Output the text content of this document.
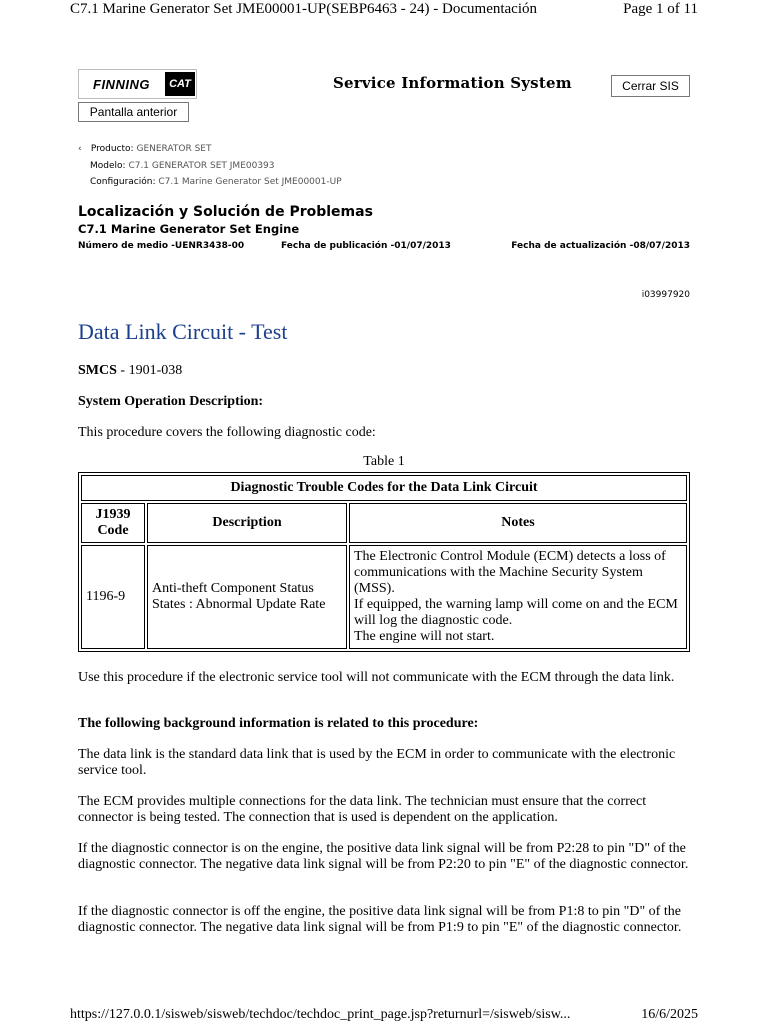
C7.1 Marine Generator Set JME00001-UP(SEBP6463 - 24) - Documentación	Page 1 of 11
FINNING	CAT	Service Information System	Cerrar SIS
Pantalla anterior
‹ Producto: GENERATOR SET
Modelo: C7.1 GENERATOR SET JME00393
Configuración: C7.1 Marine Generator Set JME00001-UP
Localización y Solución de Problemas
C7.1 Marine Generator Set Engine
Número de medio -UENR3438-00	Fecha de publicación -01/07/2013	Fecha de actualización -08/07/2013
i03997920
Data Link Circuit - Test
SMCS - 1901-038
System Operation Description:
This procedure covers the following diagnostic code:
Table 1
Diagnostic Trouble Codes for the Data Link Circuit		
J1939 Code	Description	Notes
1196-9	Anti-theft Component Status States : Abnormal Update Rate	The Electronic Control Module (ECM) detects a loss of communications with the Machine Security System (MSS).
If equipped, the warning lamp will come on and the ECM will log the diagnostic code.
The engine will not start.
Use this procedure if the electronic service tool will not communicate with the ECM through the data link.
The following background information is related to this procedure:
The data link is the standard data link that is used by the ECM in order to communicate with the electronic service tool.
The ECM provides multiple connections for the data link. The technician must ensure that the correct connector is being tested. The connection that is used is dependent on the application.
If the diagnostic connector is on the engine, the positive data link signal will be from P2:28 to pin "D" of the diagnostic connector. The negative data link signal will be from P2:20 to pin "E" of the diagnostic connector.
If the diagnostic connector is off the engine, the positive data link signal will be from P1:8 to pin "D" of the diagnostic connector. The negative data link signal will be from P1:9 to pin "E" of the diagnostic connector.
https://127.0.0.1/sisweb/sisweb/techdoc/techdoc_print_page.jsp?returnurl=/sisweb/sisw...	16/6/2025
